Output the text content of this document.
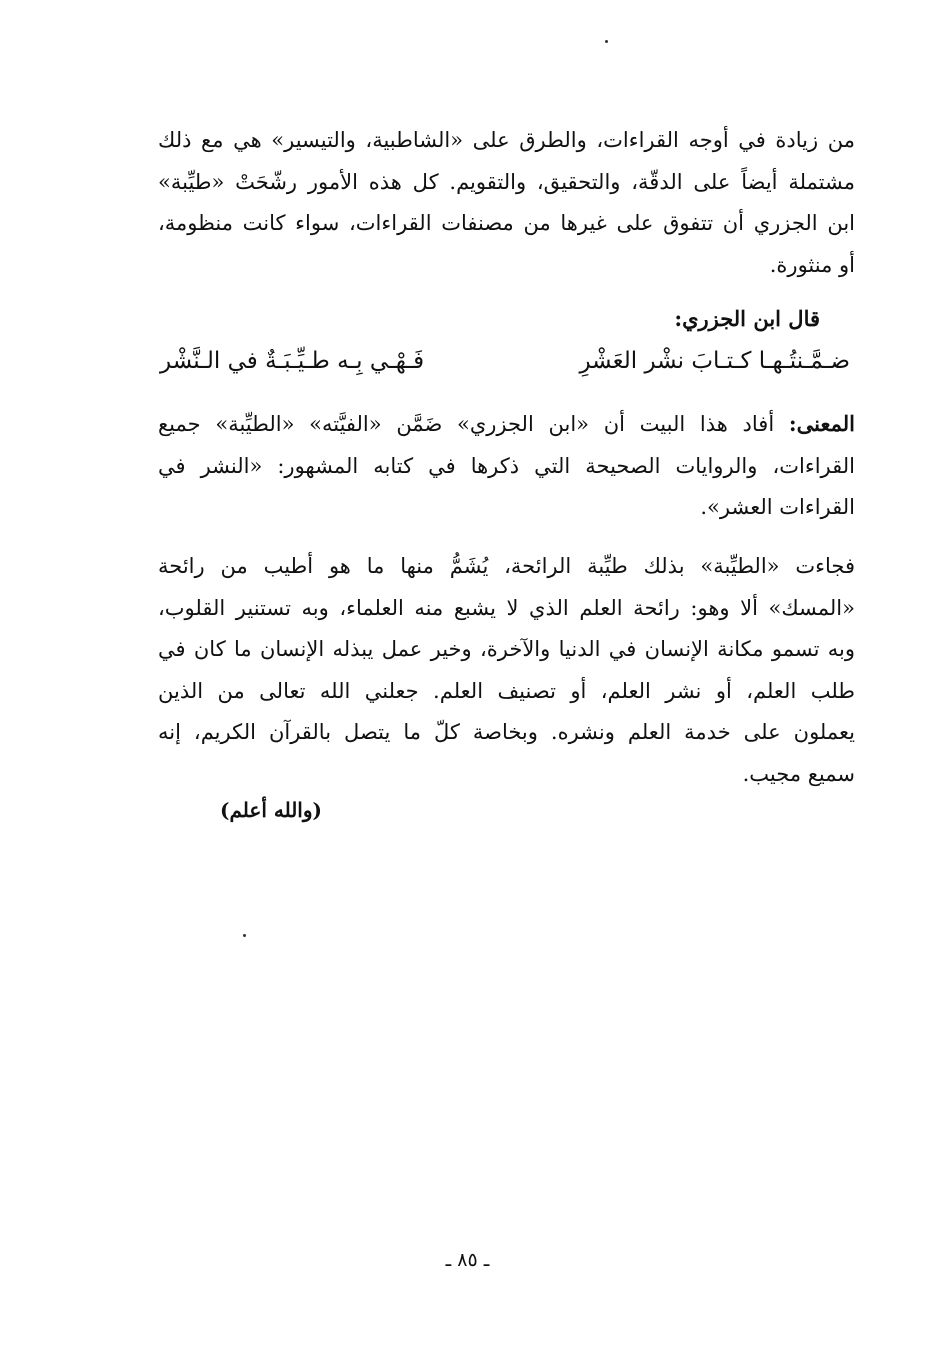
من زيادة في أوجه القراءات، والطرق على «الشاطبية، والتيسير» هي مع ذلك
مشتملة أيضاً على الدقّة، والتحقيق، والتقويم. كل هذه الأمور رشّحَتْ «طيِّبة»
ابن الجزري أن تتفوق على غيرها من مصنفات القراءات، سواء كانت منظومة،
أو منثورة.
قال ابن الجزري:
ضـمَّـنتُـهـا كـتـابَ نشْر العَشْرِ
فَـهْـي بِـه طـيِّـبَـةٌ في الـنَّشْر
المعنى: أفاد هذا البيت أن «ابن الجزري» ضَمَّن «الفيَّته» «الطيِّبة» جميع
القراءات، والروايات الصحيحة التي ذكرها في كتابه المشهور: «النشر في
القراءات العشر».
فجاءت «الطيِّبة» بذلك طيِّبة الرائحة، يُشَمُّ منها ما هو أطيب من رائحة
«المسك» ألا وهو: رائحة العلم الذي لا يشبع منه العلماء، وبه تستنير القلوب،
وبه تسمو مكانة الإنسان في الدنيا والآخرة، وخير عمل يبذله الإنسان ما كان في
طلب العلم، أو نشر العلم، أو تصنيف العلم. جعلني الله تعالى من الذين
يعملون على خدمة العلم ونشره. وبخاصة كلّ ما يتصل بالقرآن الكريم، إنه
سميع مجيب.
(والله أعلم)
ـ ٨٥ ـ
